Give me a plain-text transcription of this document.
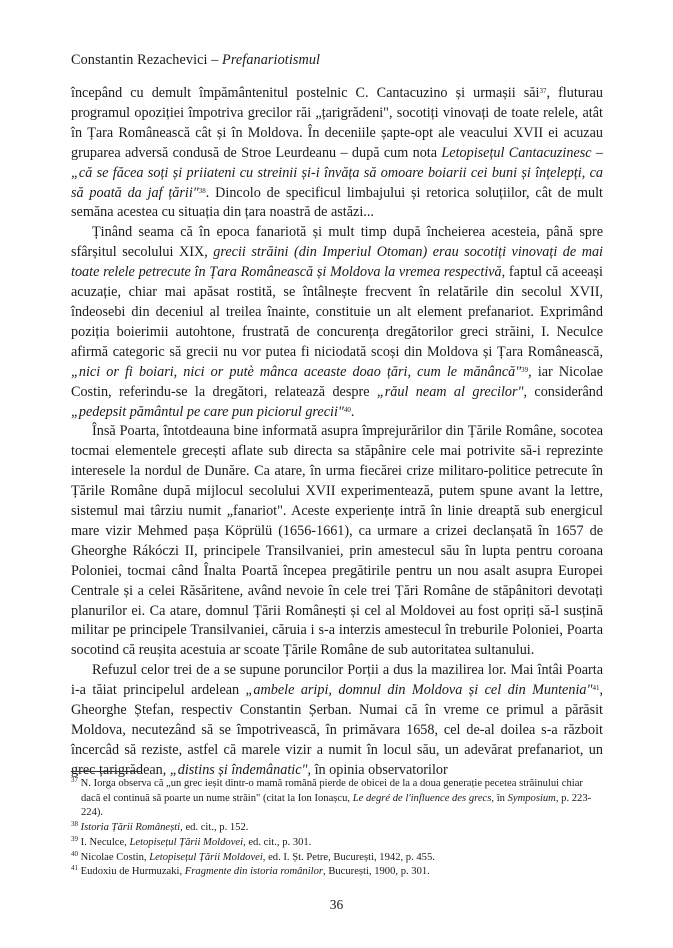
Constantin Rezachevici – Prefanariotismul

începând cu demult împământenitul postelnic C. Cantacuzino și urmașii săi$^{37}$, fluturau programul opoziției împotriva grecilor răi „țarigrădeni", socotiți vinovați de toate relele, atât în Țara Românească cât și în Moldova. În deceniile șapte-opt ale veacului XVII ei acuzau gruparea adversă condusă de Stroe Leurdeanu – după cum nota Letopisețul Cantacuzinesc – „că se făcea soți și priiateni cu streinii și-i învăța să omoare boiarii cei buni și înțelepți, ca să poată da jaf țării"$^{38}$. Dincolo de specificul limbajului și retorica soluțiilor, cât de mult semăna acestea cu situația din țara noastră de astăzi...

Ținând seama că în epoca fanariotă și mult timp după încheierea acesteia, până spre sfârșitul secolului XIX, grecii străini (din Imperiul Otoman) erau socotiți vinovați de mai toate relele petrecute în Țara Românească și Moldova la vremea respectivă, faptul că aceeași acuzație, chiar mai apăsat rostită, se întâlnește frecvent în relatările din secolul XVII, îndeosebi din deceniul al treilea înainte, constituie un alt element prefanariot. Exprimând poziția boierimii autohtone, frustrată de concurența dregătorilor greci străini, I. Neculce afirmă categoric să grecii nu vor putea fi niciodată scoși din Moldova și Țara Românească, „nici or fi boiari, nici or putè mânca aceaste doao țări, cum le mănâncă"$^{39}$, iar Nicolae Costin, referindu-se la dregători, relatează despre „răul neam al grecilor", considerând „pedepsit pământul pe care pun piciorul grecii"$^{40}$.

Însă Poarta, întotdeauna bine informată asupra împrejurărilor din Țările Române, socotea tocmai elementele grecești aflate sub directa sa stăpânire cele mai potrivite să-i reprezinte interesele la nordul de Dunăre. Ca atare, în urma fiecărei crize militaro-politice petrecute în Țările Române după mijlocul secolului XVII experimentează, putem spune avant la lettre, sistemul mai târziu numit „fanariot". Aceste experiențe intră în linie dreaptă sub energicul mare vizir Mehmed pașa Köprülü (1656-1661), ca urmare a crizei declanșată în 1657 de Gheorghe Rákóczi II, principele Transilvaniei, prin amestecul său în lupta pentru coroana Poloniei, tocmai când Înalta Poartă începea pregătirile pentru un nou asalt asupra Europei Centrale și a celei Răsăritene, având nevoie în cele trei Țări Române de stăpânitori devotați planurilor ei. Ca atare, domnul Țării Românești și cel al Moldovei au fost opriți să-l susțină militar pe principele Transilvaniei, căruia i s-a interzis amestecul în treburile Poloniei, Poarta socotind că reușita acestuia ar scoate Țările Române de sub autoritatea sultanului.

Refuzul celor trei de a se supune poruncilor Porții a dus la mazilirea lor. Mai întâi Poarta i-a tăiat principelul ardelean „ambele aripi, domnul din Moldova și cel din Muntenia"$^{41}$, Gheorghe Ștefan, respectiv Constantin Șerban. Numai că în vreme ce primul a părăsit Moldova, necutezând să se împotrivească, în primăvara 1658, cel de-al doilea s-a războit încercâd să reziste, astfel că marele vizir a numit în locul său, un adevărat prefanariot, un grec țarigrădean, „distins și îndemânatic", în opinia observatorilor

$^{37}$ N. Iorga observa că „un grec ieșit dintr-o mamă română pierde de obicei de la a doua generație pecetea străinului chiar dacă el continuă să poarte un nume străin" (citat la Ion Ionașcu, Le degré de l'influence des grecs, în Symposium, p. 223-224).
$^{38}$ Istoria Țării Românești, ed. cit., p. 152.
$^{39}$ I. Neculce, Letopisețul Țării Moldovei, ed. cit., p. 301.
$^{40}$ Nicolae Costin, Letopisețul Țării Moldovei, ed. I. Șt. Petre, București, 1942, p. 455.
$^{41}$ Eudoxiu de Hurmuzaki, Fragmente din istoria românilor, București, 1900, p. 301.
36
